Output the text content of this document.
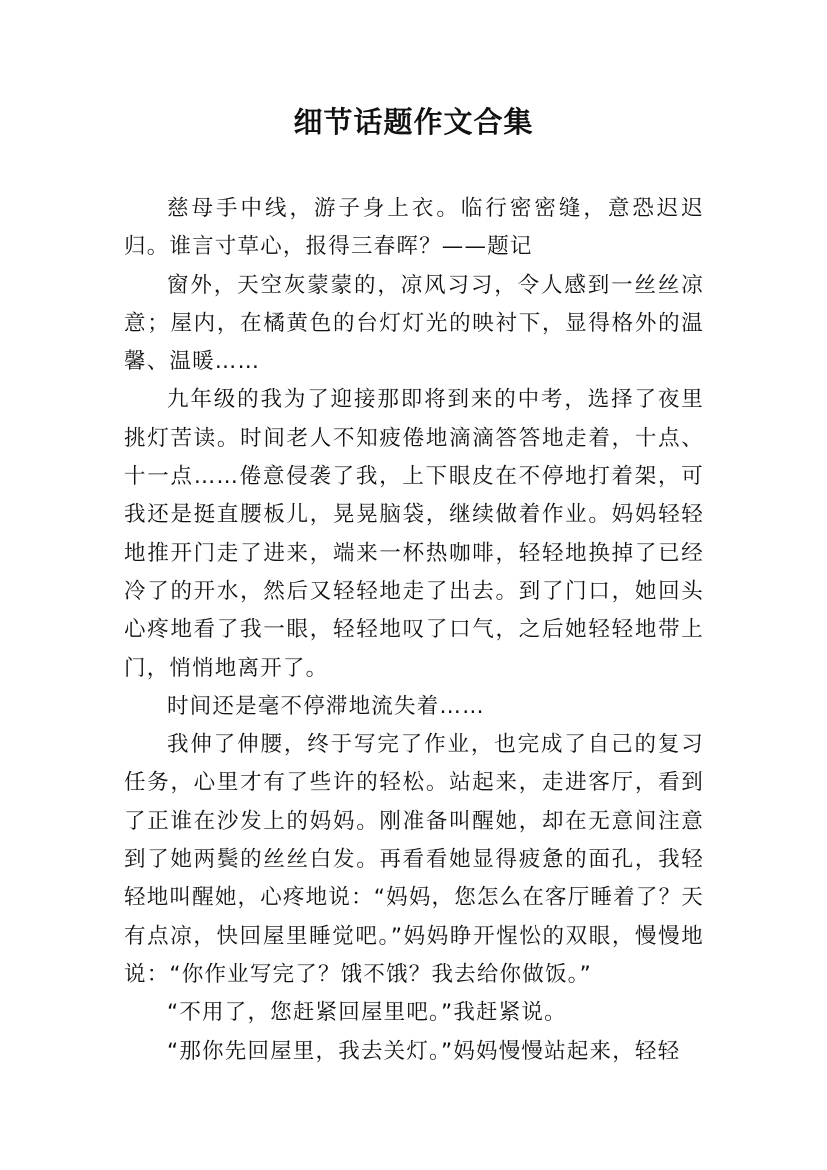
细节话题作文合集

慈母手中线，游子身上衣。临行密密缝，意恐迟迟归。谁言寸草心，报得三春晖？——题记

窗外，天空灰蒙蒙的，凉风习习，令人感到一丝丝凉意；屋内，在橘黄色的台灯灯光的映衬下，显得格外的温馨、温暖……

九年级的我为了迎接那即将到来的中考，选择了夜里挑灯苦读。时间老人不知疲倦地滴滴答答地走着，十点、十一点……倦意侵袭了我，上下眼皮在不停地打着架，可我还是挺直腰板儿，晃晃脑袋，继续做着作业。妈妈轻轻地推开门走了进来，端来一杯热咖啡，轻轻地换掉了已经冷了的开水，然后又轻轻地走了出去。到了门口，她回头心疼地看了我一眼，轻轻地叹了口气，之后她轻轻地带上门，悄悄地离开了。

时间还是毫不停滞地流失着……

我伸了伸腰，终于写完了作业，也完成了自己的复习任务，心里才有了些许的轻松。站起来，走进客厅，看到了正谁在沙发上的妈妈。刚准备叫醒她，却在无意间注意到了她两鬓的丝丝白发。再看看她显得疲惫的面孔，我轻轻地叫醒她，心疼地说：“妈妈，您怎么在客厅睡着了？天有点凉，快回屋里睡觉吧。”妈妈睁开惺忪的双眼，慢慢地说：“你作业写完了？饿不饿？我去给你做饭。”

“不用了，您赶紧回屋里吧。”我赶紧说。

“那你先回屋里，我去关灯。”妈妈慢慢站起来，轻轻
